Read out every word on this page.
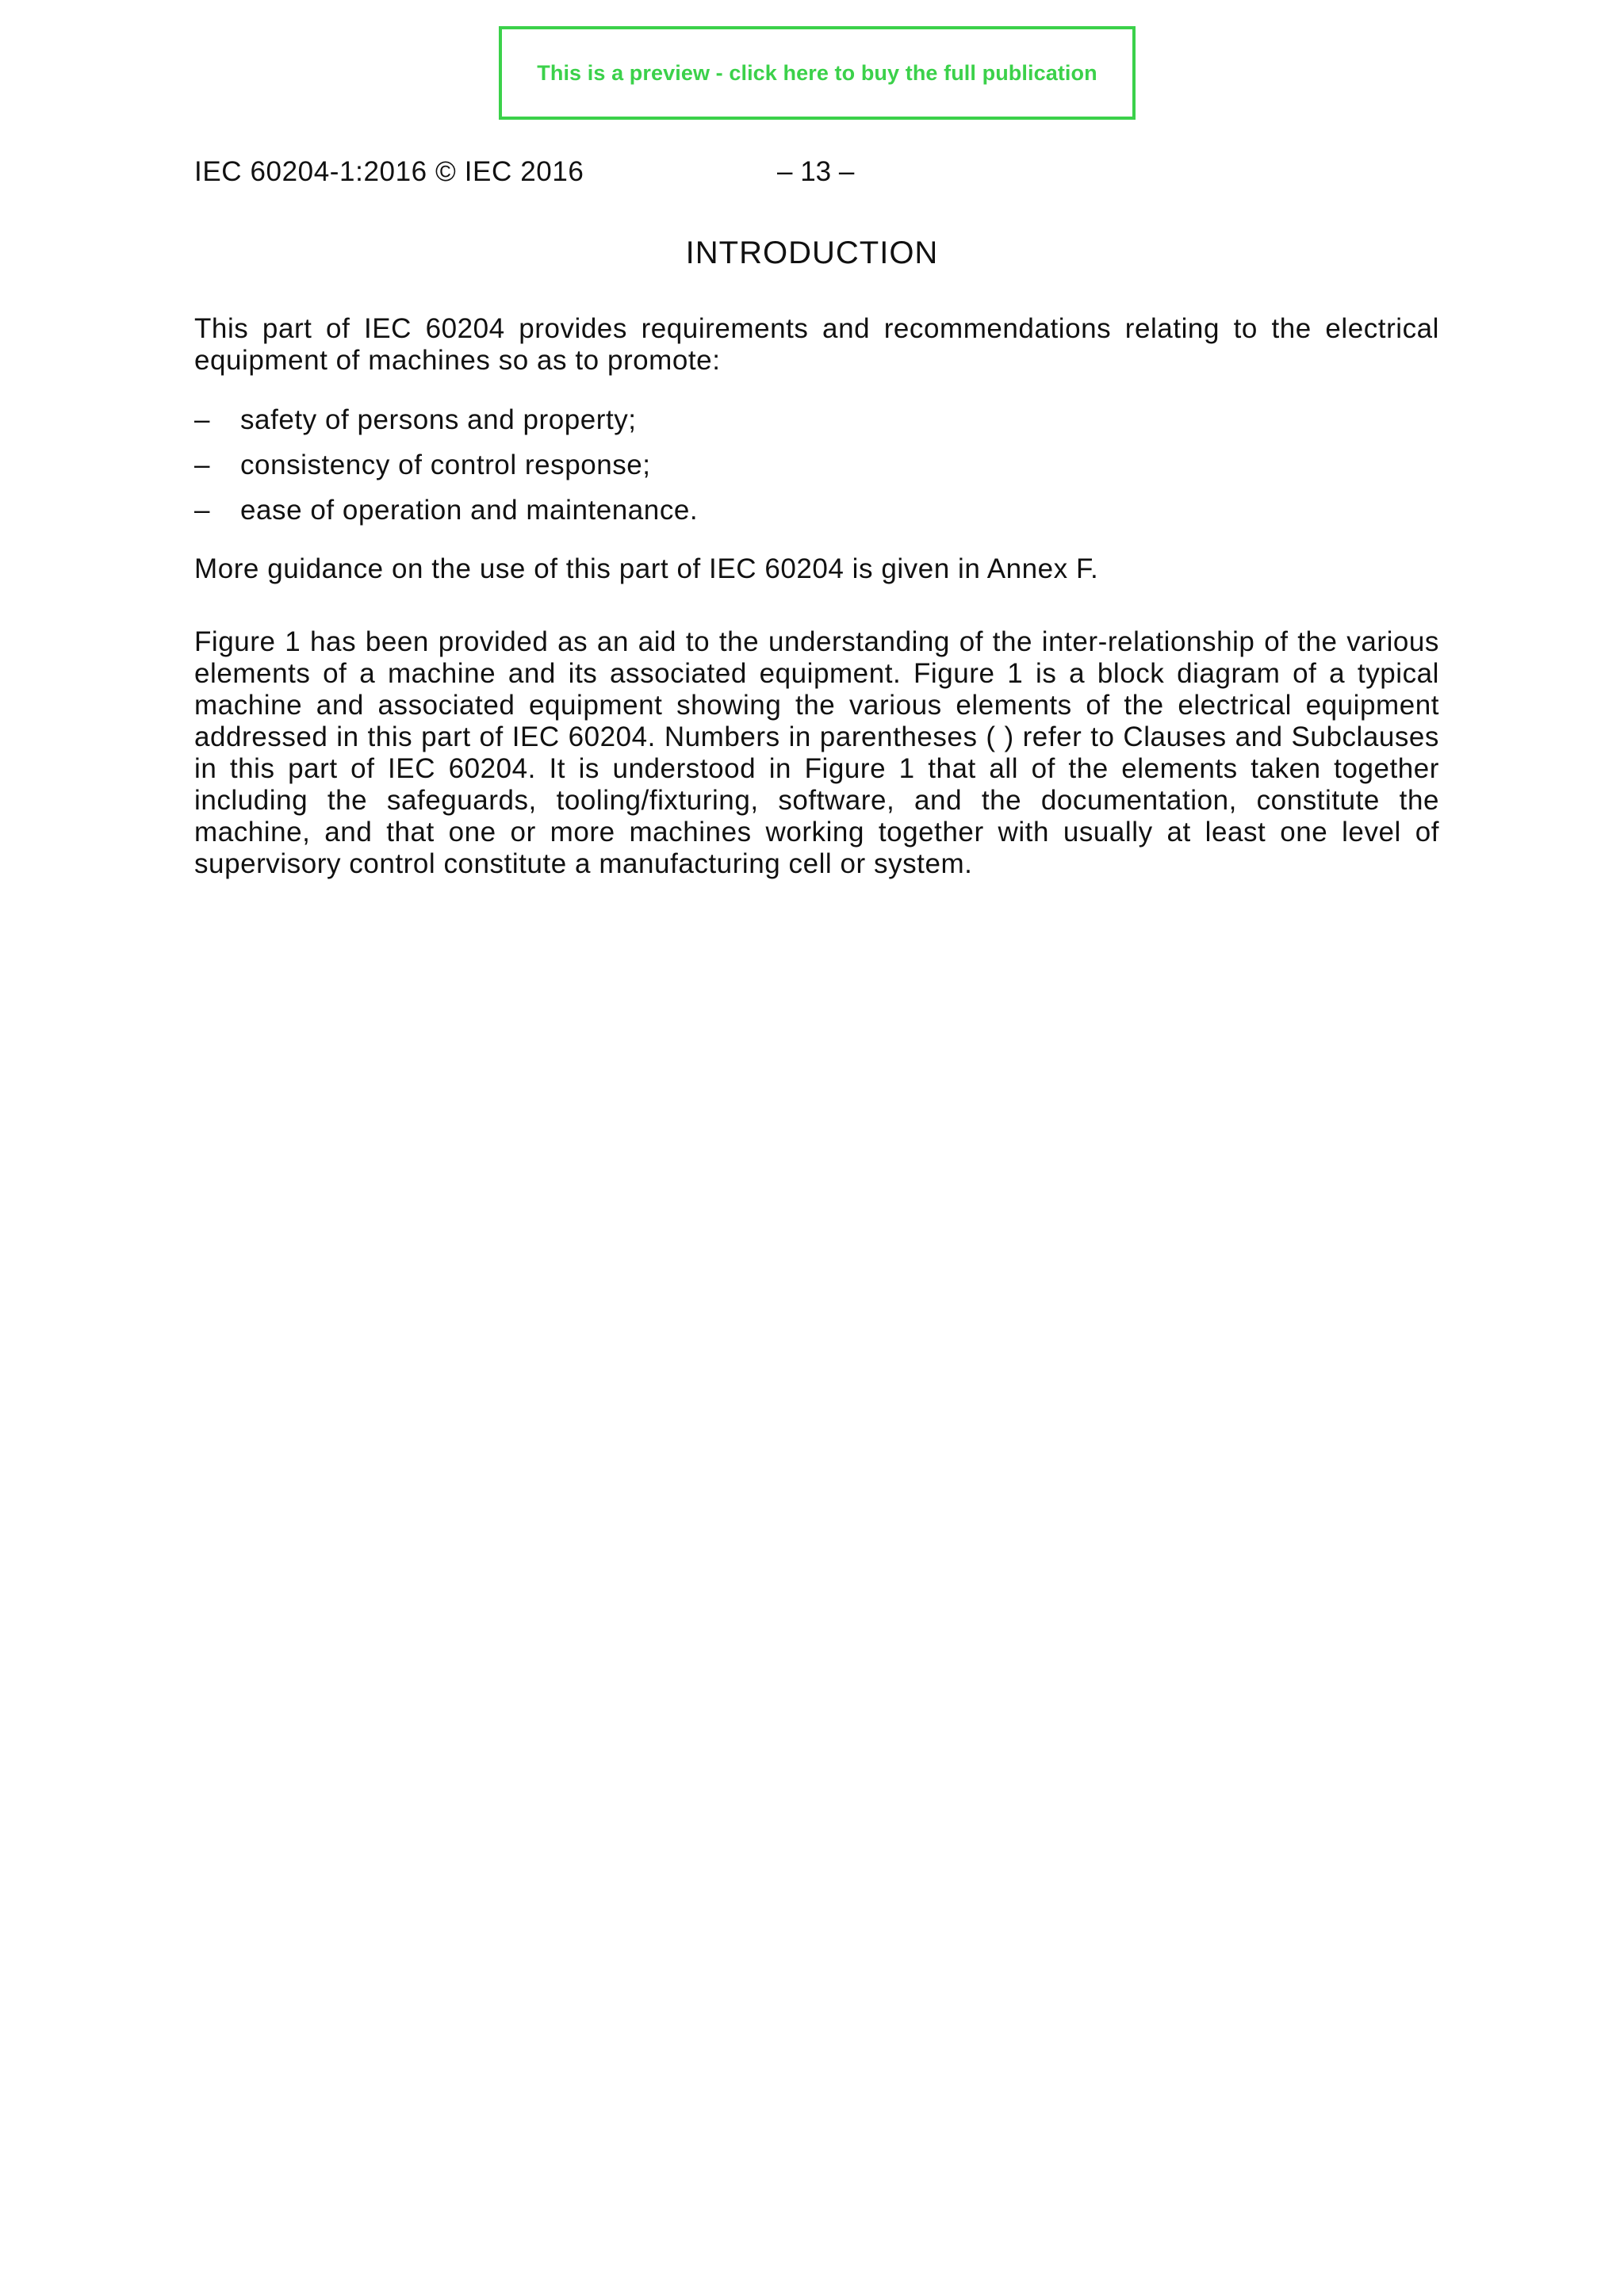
This is a preview - click here to buy the full publication
IEC 60204-1:2016 © IEC 2016	– 13 –
INTRODUCTION

This part of IEC 60204 provides requirements and recommendations relating to the electrical equipment of machines so as to promote:

– safety of persons and property;
– consistency of control response;
– ease of operation and maintenance.

More guidance on the use of this part of IEC 60204 is given in Annex F.

Figure 1 has been provided as an aid to the understanding of the inter-relationship of the various elements of a machine and its associated equipment. Figure 1 is a block diagram of a typical machine and associated equipment showing the various elements of the electrical equipment addressed in this part of IEC 60204. Numbers in parentheses ( ) refer to Clauses and Subclauses in this part of IEC 60204. It is understood in Figure 1 that all of the elements taken together including the safeguards, tooling/fixturing, software, and the documentation, constitute the machine, and that one or more machines working together with usually at least one level of supervisory control constitute a manufacturing cell or system.
